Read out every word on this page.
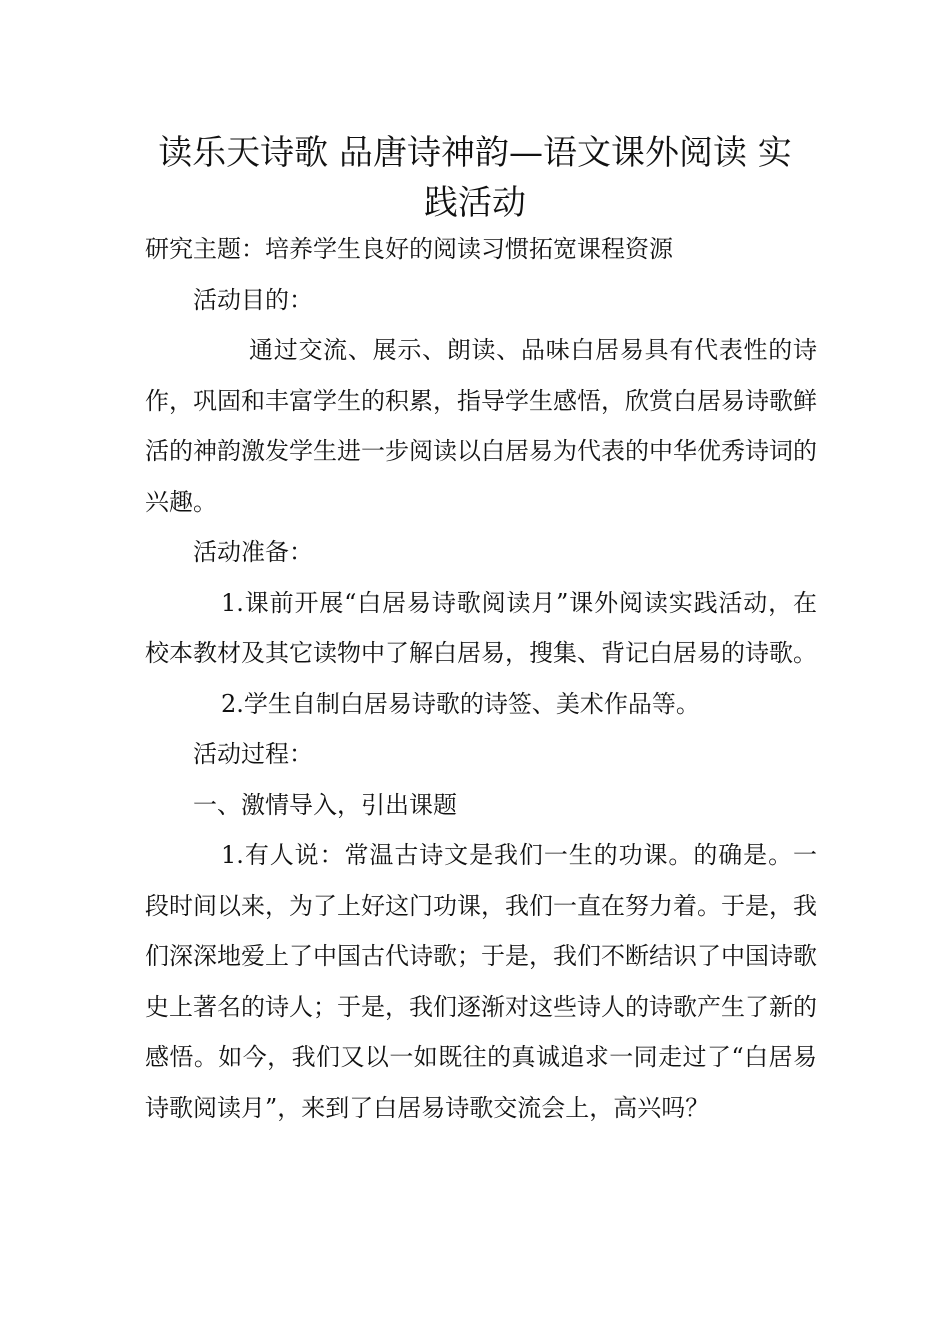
读乐天诗歌 品唐诗神韵—语文课外阅读 实践活动

研究主题：培养学生良好的阅读习惯拓宽课程资源

活动目的：

通过交流、展示、朗读、品味白居易具有代表性的诗作，巩固和丰富学生的积累，指导学生感悟，欣赏白居易诗歌鲜活的神韵激发学生进一步阅读以白居易为代表的中华优秀诗词的兴趣。

活动准备：

1.课前开展“白居易诗歌阅读月”课外阅读实践活动，在校本教材及其它读物中了解白居易，搜集、背记白居易的诗歌。

2.学生自制白居易诗歌的诗签、美术作品等。

活动过程：

一、激情导入，引出课题

1.有人说：常温古诗文是我们一生的功课。的确是。一段时间以来，为了上好这门功课，我们一直在努力着。于是，我们深深地爱上了中国古代诗歌；于是，我们不断结识了中国诗歌史上著名的诗人；于是，我们逐渐对这些诗人的诗歌产生了新的感悟。如今，我们又以一如既往的真诚追求一同走过了“白居易诗歌阅读月”，来到了白居易诗歌交流会上，高兴吗？
